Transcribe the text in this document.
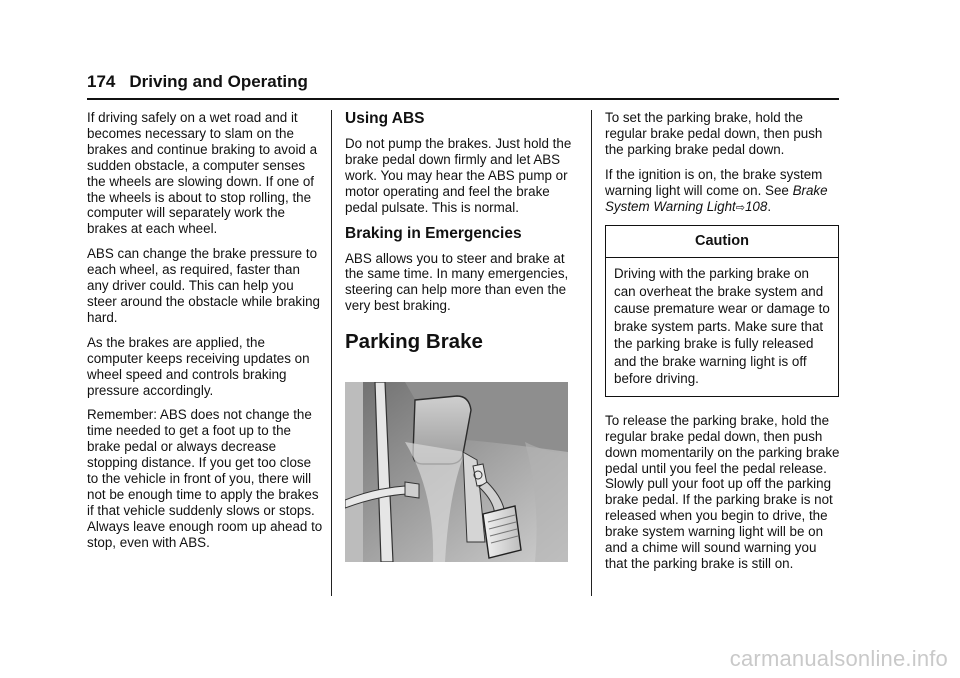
174 Driving and Operating

If driving safely on a wet road and it becomes necessary to slam on the brakes and continue braking to avoid a sudden obstacle, a computer senses the wheels are slowing down. If one of the wheels is about to stop rolling, the computer will separately work the brakes at each wheel.

ABS can change the brake pressure to each wheel, as required, faster than any driver could. This can help you steer around the obstacle while braking hard.

As the brakes are applied, the computer keeps receiving updates on wheel speed and controls braking pressure accordingly.

Remember: ABS does not change the time needed to get a foot up to the brake pedal or always decrease stopping distance. If you get too close to the vehicle in front of you, there will not be enough time to apply the brakes if that vehicle suddenly slows or stops. Always leave enough room up ahead to stop, even with ABS.

Using ABS

Do not pump the brakes. Just hold the brake pedal down firmly and let ABS work. You may hear the ABS pump or motor operating and feel the brake pedal pulsate. This is normal.

Braking in Emergencies

ABS allows you to steer and brake at the same time. In many emergencies, steering can help more than even the very best braking.

Parking Brake

To set the parking brake, hold the regular brake pedal down, then push the parking brake pedal down.

If the ignition is on, the brake system warning light will come on. See Brake System Warning Light⇨108.

Caution
Driving with the parking brake on can overheat the brake system and cause premature wear or damage to brake system parts. Make sure that the parking brake is fully released and the brake warning light is off before driving.

To release the parking brake, hold the regular brake pedal down, then push down momentarily on the parking brake pedal until you feel the pedal release. Slowly pull your foot up off the parking brake pedal. If the parking brake is not released when you begin to drive, the brake system warning light will be on and a chime will sound warning you that the parking brake is still on.

carmanualsonline.info
